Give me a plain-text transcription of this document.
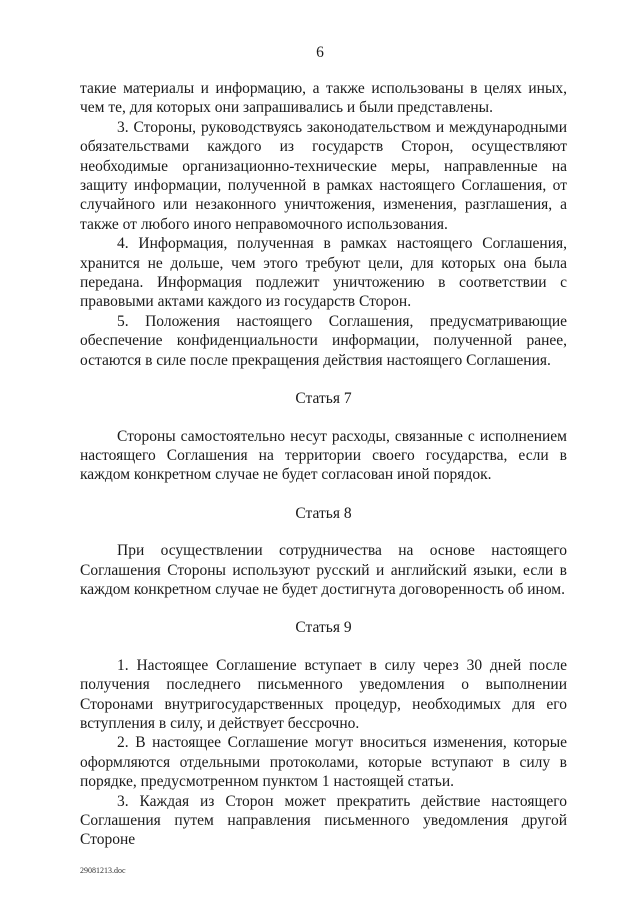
6

такие материалы и информацию, а также использованы в целях иных, чем те, для которых они запрашивались и были представлены.

3. Стороны, руководствуясь законодательством и международными обязательствами каждого из государств Сторон, осуществляют необходимые организационно-технические меры, направленные на защиту информации, полученной в рамках настоящего Соглашения, от случайного или незаконного уничтожения, изменения, разглашения, а также от любого иного неправомочного использования.

4. Информация, полученная в рамках настоящего Соглашения, хранится не дольше, чем этого требуют цели, для которых она была передана. Информация подлежит уничтожению в соответствии с правовыми актами каждого из государств Сторон.

5. Положения настоящего Соглашения, предусматривающие обеспечение конфиденциальности информации, полученной ранее, остаются в силе после прекращения действия настоящего Соглашения.

Статья 7

Стороны самостоятельно несут расходы, связанные с исполнением настоящего Соглашения на территории своего государства, если в каждом конкретном случае не будет согласован иной порядок.

Статья 8

При осуществлении сотрудничества на основе настоящего Соглашения Стороны используют русский и английский языки, если в каждом конкретном случае не будет достигнута договоренность об ином.

Статья 9

1. Настоящее Соглашение вступает в силу через 30 дней после получения последнего письменного уведомления о выполнении Сторонами внутригосударственных процедур, необходимых для его вступления в силу, и действует бессрочно.

2. В настоящее Соглашение могут вноситься изменения, которые оформляются отдельными протоколами, которые вступают в силу в порядке, предусмотренном пунктом 1 настоящей статьи.

3. Каждая из Сторон может прекратить действие настоящего Соглашения путем направления письменного уведомления другой Стороне

29081213.doc
